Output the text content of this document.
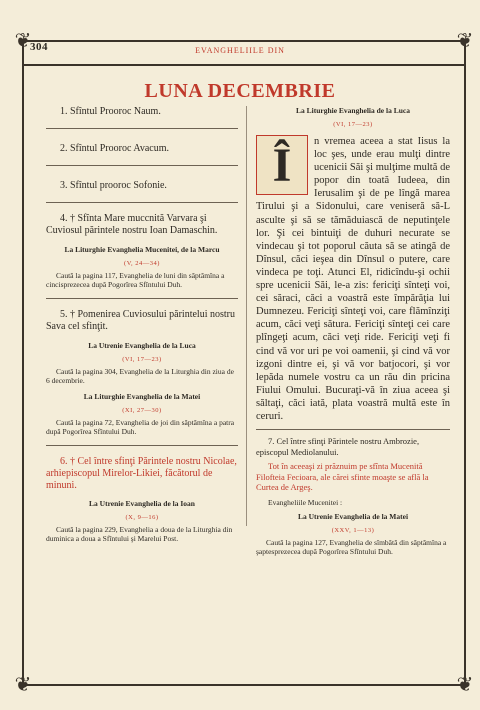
❦	❦
❦	❦
304	EVANGHELIILE DIN
LUNA DECEMBRIE

1. Sfîntul Prooroc Naum.

2. Sfîntul Prooroc Avacum.

3. Sfîntul prooroc Sofonie.

4. † Sfînta Mare muccnită Varvara şi Cuviosul părintele nostru Ioan Damaschin.

La Liturghie Evanghelia Mucenitei, de la Marcu

(V, 24—34)

Caută la pagina 117, Evanghelia de luni din săptămîna a cincisprezecea după Pogorîrea Sfîntului Duh.

5. † Pomenirea Cuviosului părintelui nostru Sava cel sfinţit.

La Utrenie Evanghelia de la Luca

(VI, 17—23)

Caută la pagina 304, Evanghelia de la Liturghia din ziua de 6 decembrie.

La Liturghie Evanghelia de la Matei

(XI, 27—30)

Caută la pagina 72, Evanghelia de joi din săptămîna a patra după Pogorîrea Sfîntului Duh.

6. † Cel între sfinţi Părintele nostru Nicolae, arhiepiscopul Mirelor-Likiei, făcătorul de minuni.

La Utrenie Evanghelia de la Ioan

(X, 9—16)

Caută la pagina 229, Evanghelia a doua de la Liturghia din duminica a doua a Sfîntului şi Marelui Post.

La Liturghie Evanghelia de la Luca

(VI, 17—23)

Î	n vremea aceea a stat Iisus la loc şes, unde erau mulţi dintre ucenicii Săi şi mulţime multă de popor din toată Iudeea, din Ierusalim şi de pe lîngă marea Tirului şi a Sidonului, care veniseră să-L asculte şi să se tămăduiască de neputinţele lor. Şi cei bintuiţi de duhuri necurate se vindecau şi tot poporul căuta să se atingă de Dînsul, căci ieşea din Dînsul o putere, care vindeca pe toţi. Atunci El, ridicîndu-şi ochii spre ucenicii Săi, le-a zis: fericiţi sînteţi voi, cei săraci, căci a voastră este împărăţia lui Dumnezeu. Fericiţi sînteţi voi, care flămînziţi acum, căci veţi sătura. Fericiţi sînteţi cei care plîngeţi acum, căci veţi ride. Fericiţi veţi fi cind vă vor uri pe voi oamenii, şi cind vă vor izgoni dintre ei, şi vă vor batjocori, şi vor lepăda numele vostru ca un rău din pricina Fiului Omului. Bucuraţi-vă în ziua aceea şi săltaţi, căci iată, plata voastră multă este în ceruri.

7. Cel între sfinţi Părintele nostru Ambrozie, episcopul Mediolanului.

Tot în aceeaşi zi prăznuim pe sfînta Mucenită Filofteia Fecioara, ale cărei sfinte moaşte se află la Curtea de Argeş.

Evangheliile Mucenitei :

La Utrenie Evanghelia de la Matei

(XXV, 1—13)

Caută la pagina 127, Evanghelia de sîmbătă din săptămîna a şaptesprezecea după Pogorîrea Sfîntului Duh.
